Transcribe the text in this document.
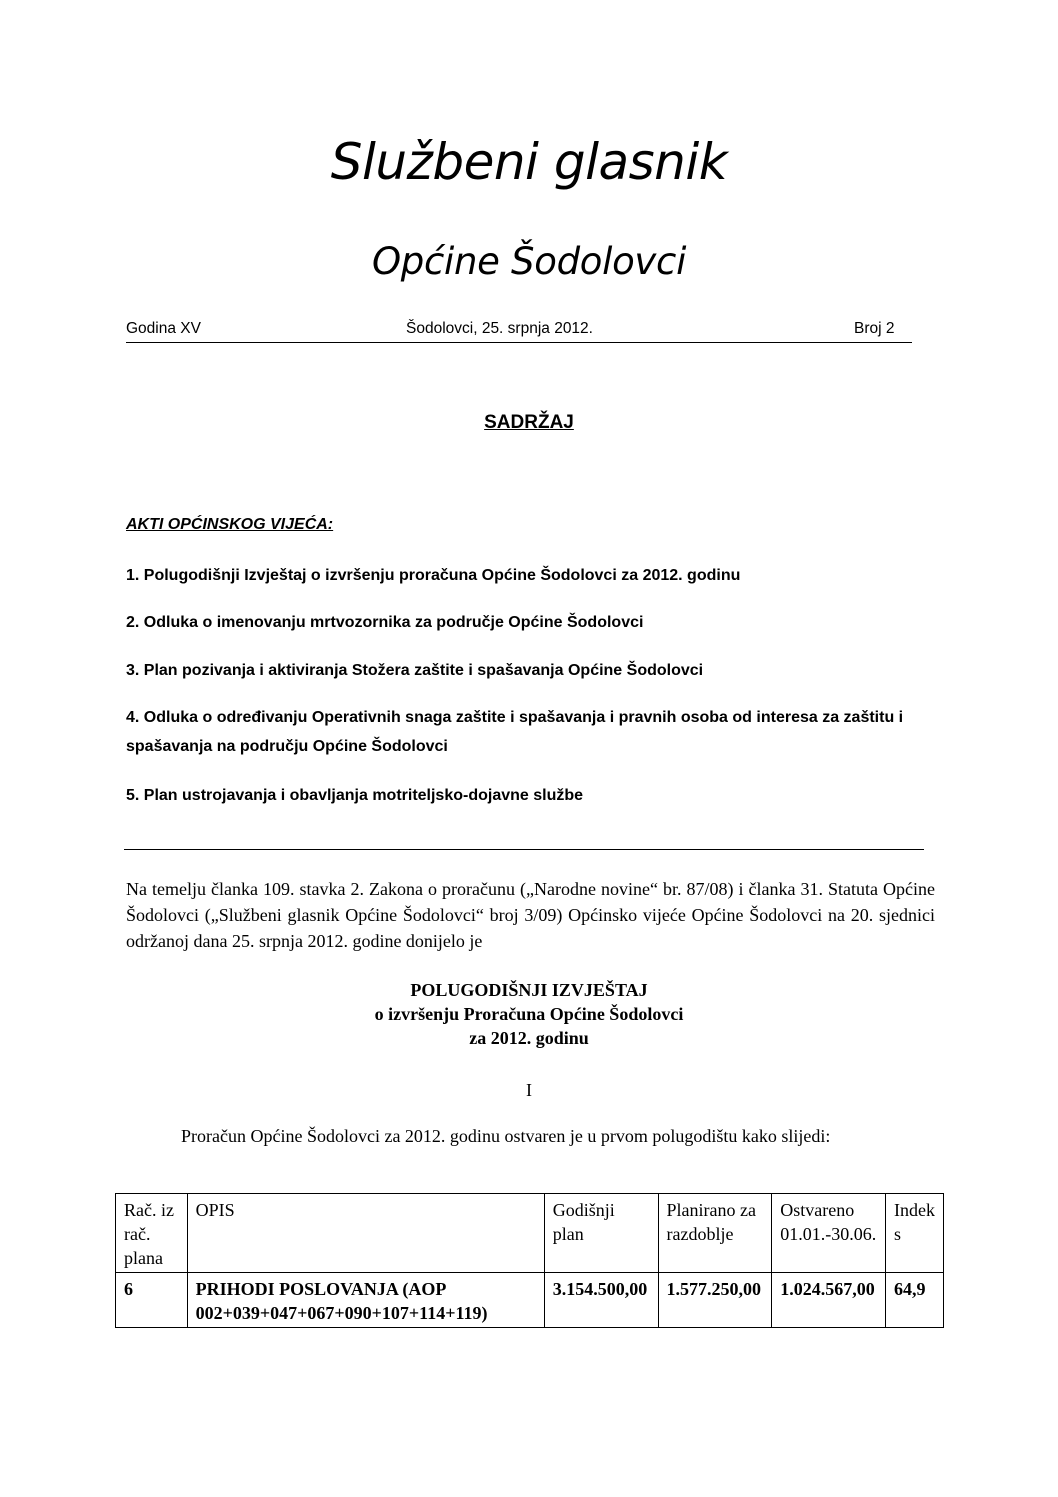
Službeni glasnik
Općine Šodolovci
Godina XV	Šodolovci, 25. srpnja 2012.	Broj 2
SADRŽAJ
AKTI OPĆINSKOG VIJEĆA:
1. Polugodišnji Izvještaj o izvršenju proračuna Općine Šodolovci za 2012. godinu
2. Odluka o imenovanju mrtvozornika za područje Općine Šodolovci
3. Plan pozivanja i aktiviranja Stožera zaštite i spašavanja Općine Šodolovci
4. Odluka o određivanju Operativnih snaga zaštite i spašavanja i pravnih osoba od interesa za zaštitu i spašavanja na području Općine Šodolovci
5. Plan ustrojavanja i obavljanja motriteljsko-dojavne službe
Na temelju članka 109. stavka 2. Zakona o proračunu („Narodne novine“ br. 87/08) i članka 31. Statuta Općine Šodolovci („Službeni glasnik Općine Šodolovci“ broj 3/09) Općinsko vijeće Općine Šodolovci na 20. sjednici održanoj dana 25. srpnja 2012. godine donijelo je
POLUGODIŠNJI IZVJEŠTAJ
o izvršenju Proračuna Općine Šodolovci
za 2012. godinu
I
Proračun Općine Šodolovci za 2012. godinu ostvaren je u prvom polugodištu kako slijedi:
Rač. iz rač. plana	OPIS	Godišnji plan	Planirano za razdoblje	Ostvareno 01.01.-30.06.	Indeks
6	PRIHODI POSLOVANJA (AOP 002+039+047+067+090+107+114+119)	3.154.500,00	1.577.250,00	1.024.567,00	64,9
